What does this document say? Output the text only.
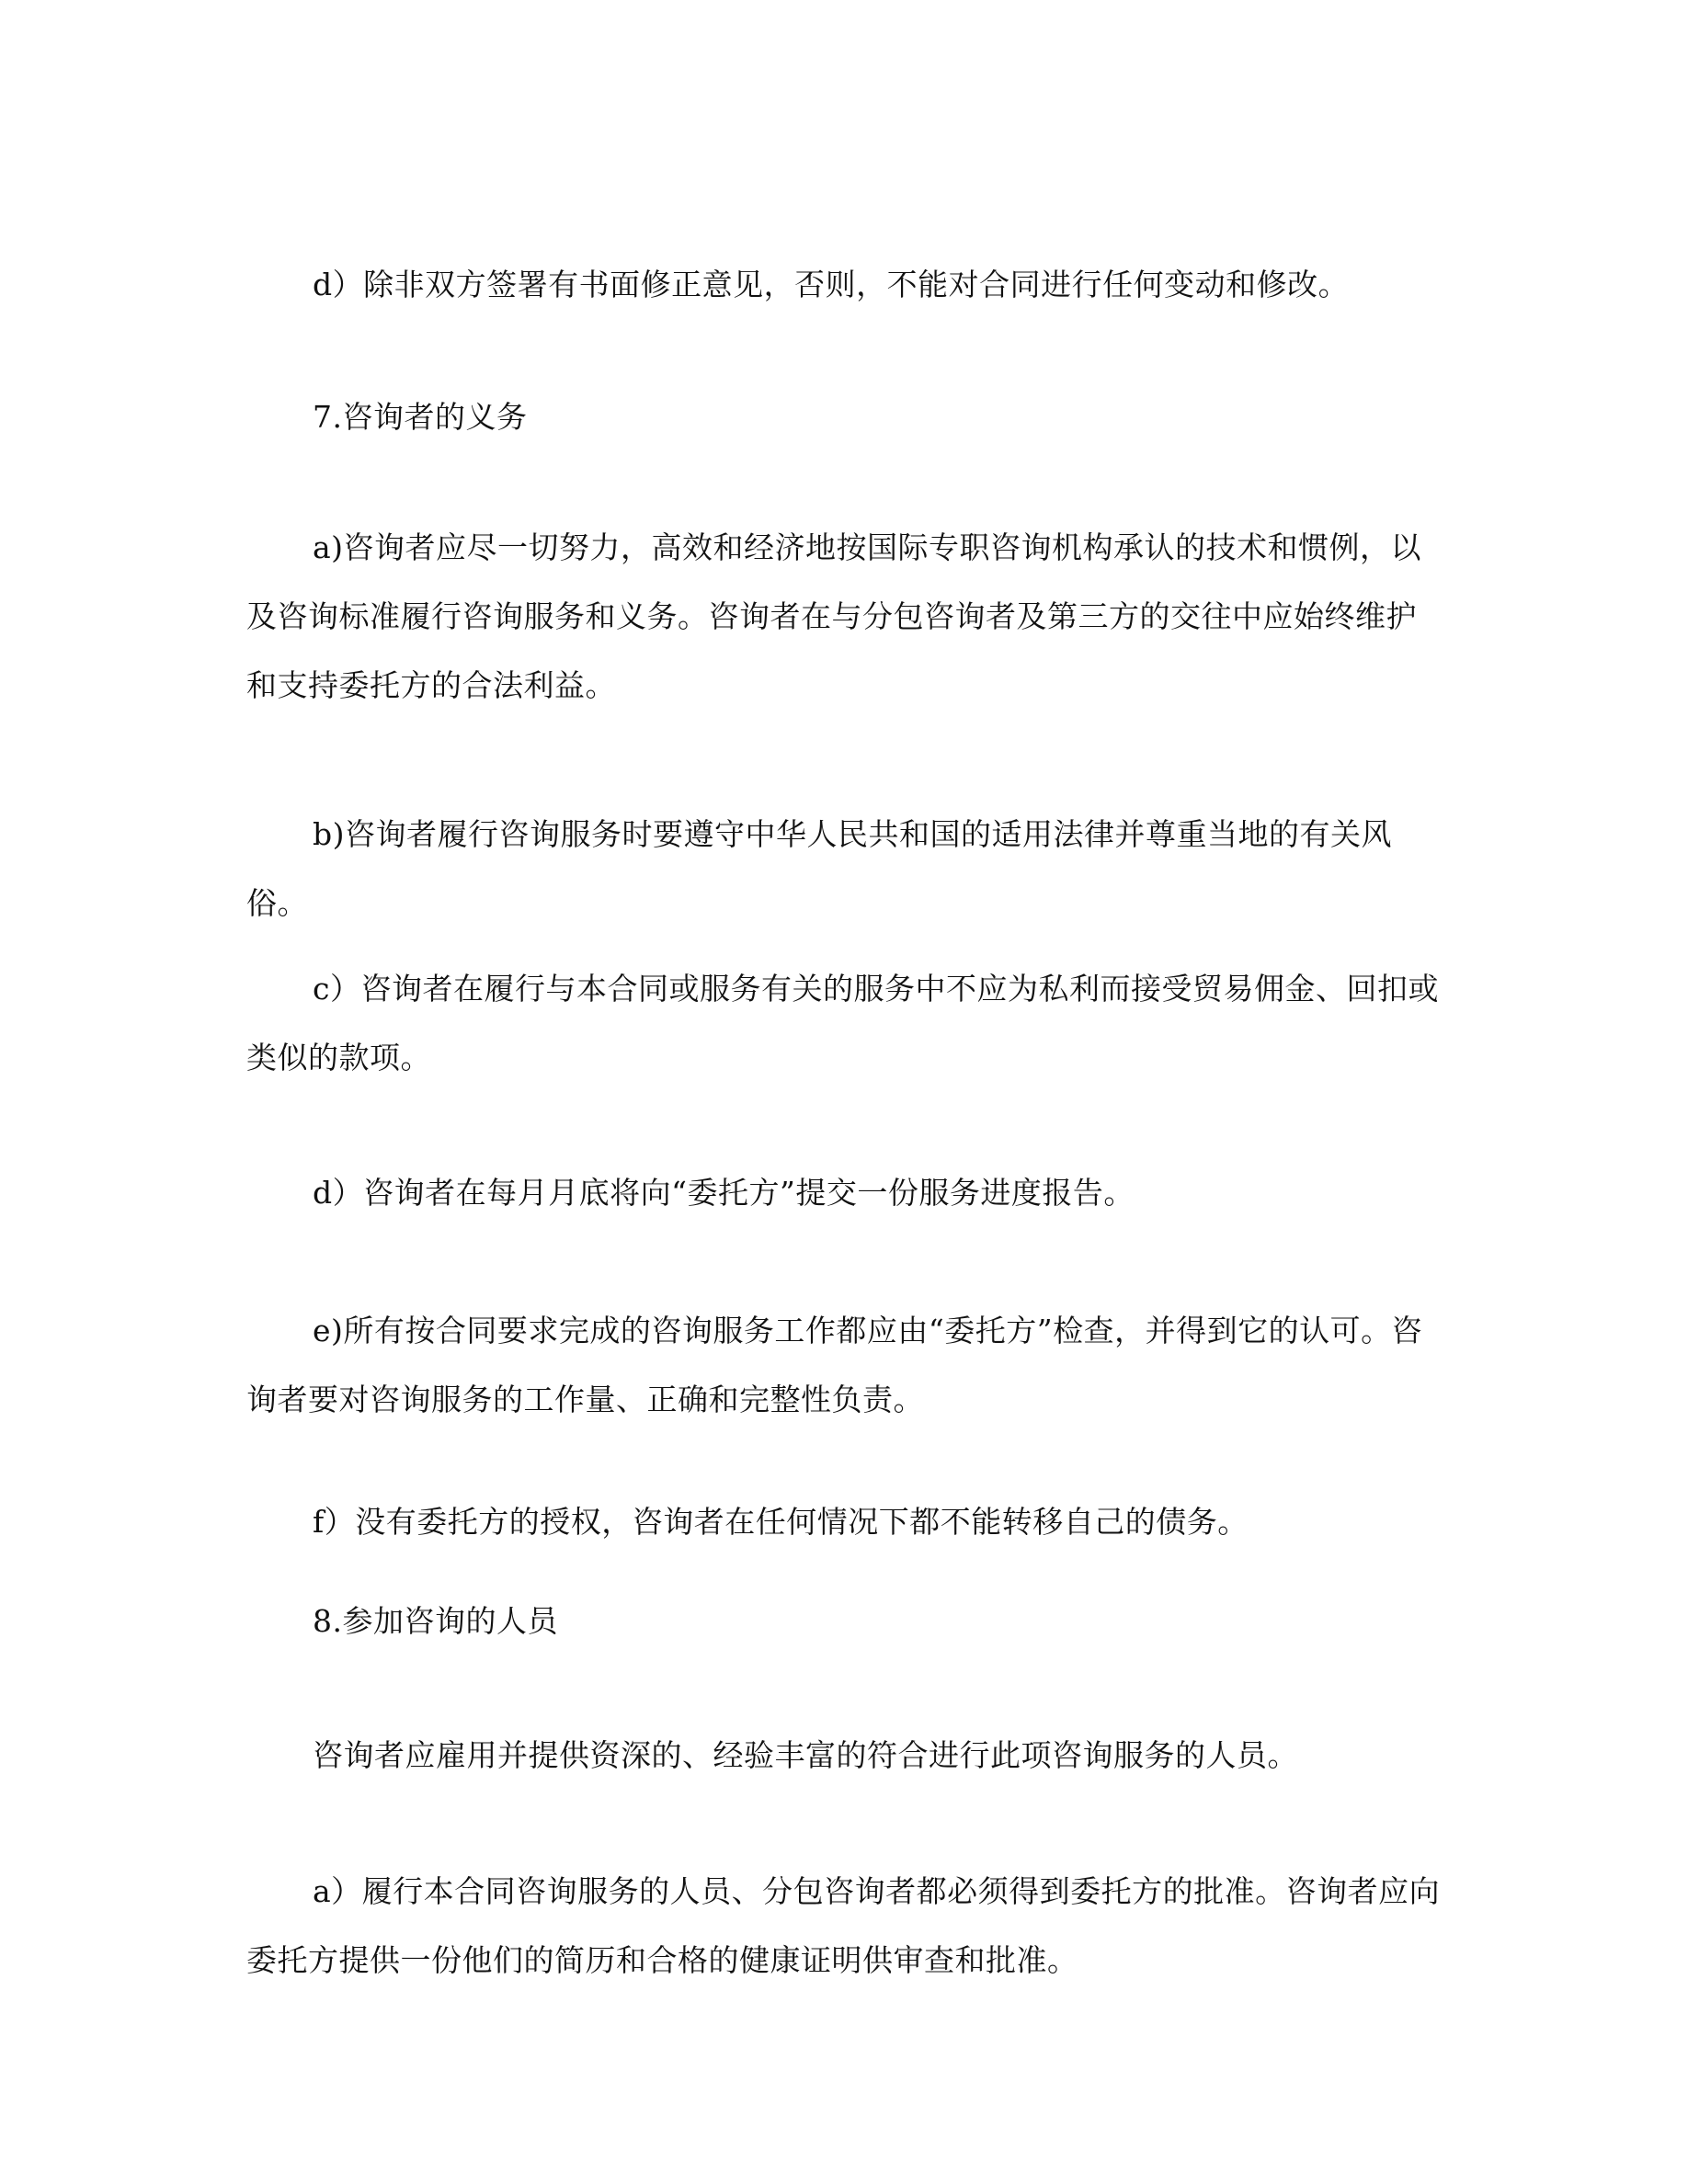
d）除非双方签署有书面修正意见，否则，不能对合同进行任何变动和修改。

7.咨询者的义务

a)咨询者应尽一切努力，高效和经济地按国际专职咨询机构承认的技术和惯例，以及咨询标准履行咨询服务和义务。咨询者在与分包咨询者及第三方的交往中应始终维护和支持委托方的合法利益。

b)咨询者履行咨询服务时要遵守中华人民共和国的适用法律并尊重当地的有关风俗。

c）咨询者在履行与本合同或服务有关的服务中不应为私利而接受贸易佣金、回扣或类似的款项。

d）咨询者在每月月底将向“委托方”提交一份服务进度报告。

e)所有按合同要求完成的咨询服务工作都应由“委托方”检查，并得到它的认可。咨询者要对咨询服务的工作量、正确和完整性负责。

f）没有委托方的授权，咨询者在任何情况下都不能转移自己的债务。

8.参加咨询的人员

咨询者应雇用并提供资深的、经验丰富的符合进行此项咨询服务的人员。

a）履行本合同咨询服务的人员、分包咨询者都必须得到委托方的批准。咨询者应向委托方提供一份他们的简历和合格的健康证明供审查和批准。
